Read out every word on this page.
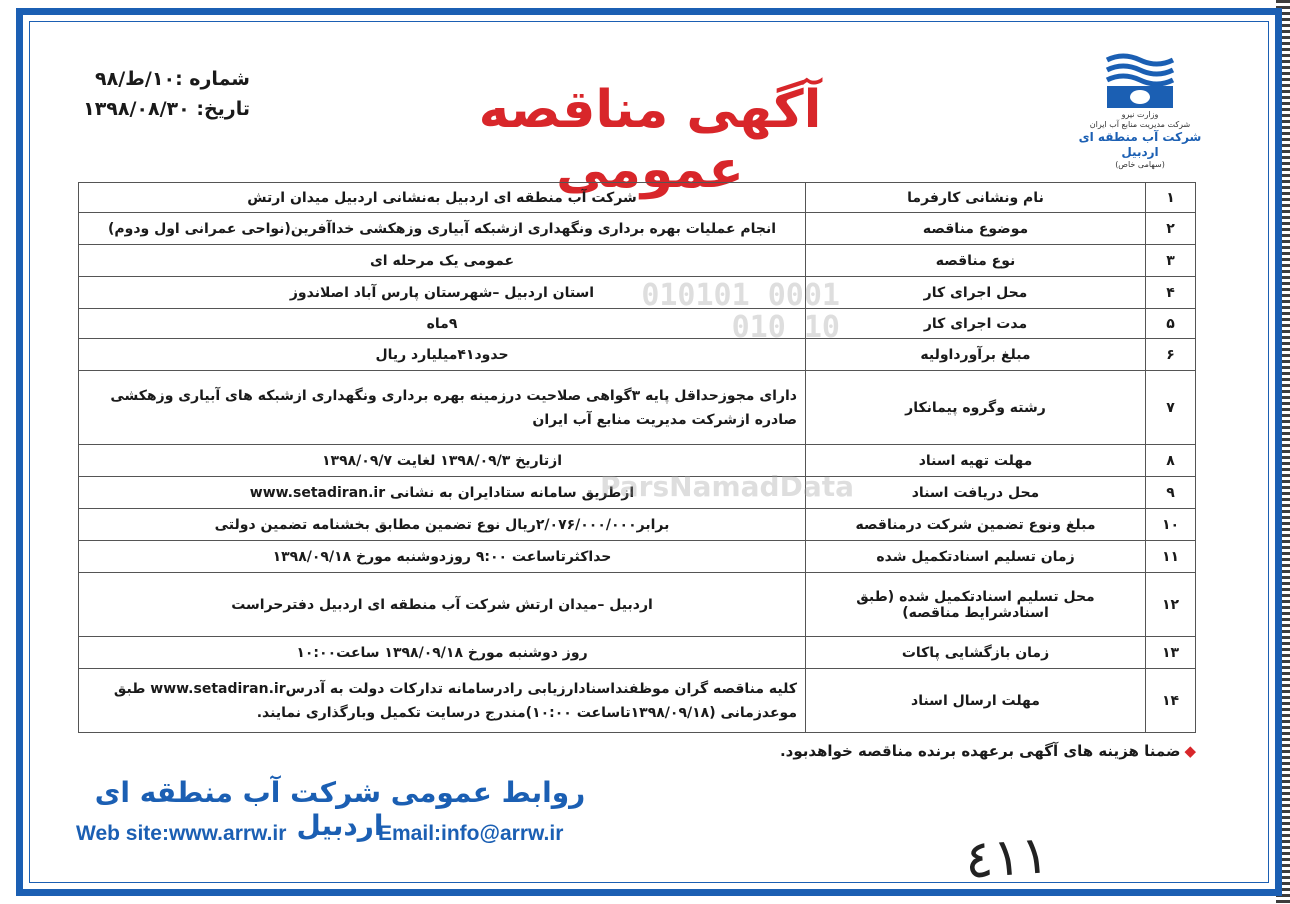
شماره :۱۰/ط/۹۸
تاریخ: ۱۳۹۸/۰۸/۳۰	آگهی مناقصه عمومی
وزارت نیرو
شرکت مدیریت منابع آب ایران
شرکت آب منطقه ای اردبیل
(سهامی خاص)
۱	نام ونشانی کارفرما	شرکت آب منطقه ای اردبیل بەنشانی اردبیل میدان ارتش
۲	موضوع مناقصه	انجام عملیات بهره برداری ونگهداری ازشبکه آبیاری وزهکشی خداآفرین(نواحی عمرانی اول ودوم)
۳	نوع مناقصه	عمومی یک مرحله ای
۴	محل اجرای کار	استان اردبیل –شهرستان پارس آباد اصلاندوز
۵	مدت اجرای کار	۹ماه
۶	مبلغ برآورداولیه	حدود۴۱میلیارد ریال
۷	رشته وگروه پیمانکار	دارای مجوزحداقل پایه ۳گواهی صلاحیت درزمینه بهره برداری ونگهداری ازشبکه های آبیاری وزهکشی صادره ازشرکت مدیریت منابع آب ایران
۸	مهلت تهیه اسناد	ازتاریخ ۱۳۹۸/۰۹/۳ لغایت ۱۳۹۸/۰۹/۷
۹	محل دریافت اسناد	ازطریق سامانه ستادایران به نشانی www.setadiran.ir
۱۰	مبلغ ونوع تضمین شرکت درمناقصه	برابر۲/۰۷۶/۰۰۰/۰۰۰ریال نوع تضمین مطابق بخشنامه تضمین دولتی
۱۱	زمان تسلیم اسنادتکمیل شده	حداکثرتاساعت ۹:۰۰ روزدوشنبه مورخ ۱۳۹۸/۰۹/۱۸
۱۲	محل تسلیم اسنادتکمیل شده (طبق اسنادشرایط مناقصه)	اردبیل –میدان ارتش شرکت آب منطقه ای اردبیل دفترحراست
۱۳	زمان بازگشایی پاکات	روز دوشنبه مورخ ۱۳۹۸/۰۹/۱۸ ساعت۱۰:۰۰
۱۴	مهلت ارسال اسناد	کلیه مناقصه گران موظفنداسنادارزیابی رادرسامانه تدارکات دولت به آدرسwww.setadiran.ir طبق موعدزمانی (۱۳۹۸/۰۹/۱۸تاساعت ۱۰:۰۰)مندرج درسایت تکمیل وبارگذاری نمایند.
010101 0001 010 10
ParsNamadData
◆ضمنا هزینه های آگهی برعهده برنده مناقصه خواهدبود.
روابط عمومی شرکت آب منطقه ای اردبیل
Web site:www.arrw.ir	Email:info@arrw.ir	٤١١
